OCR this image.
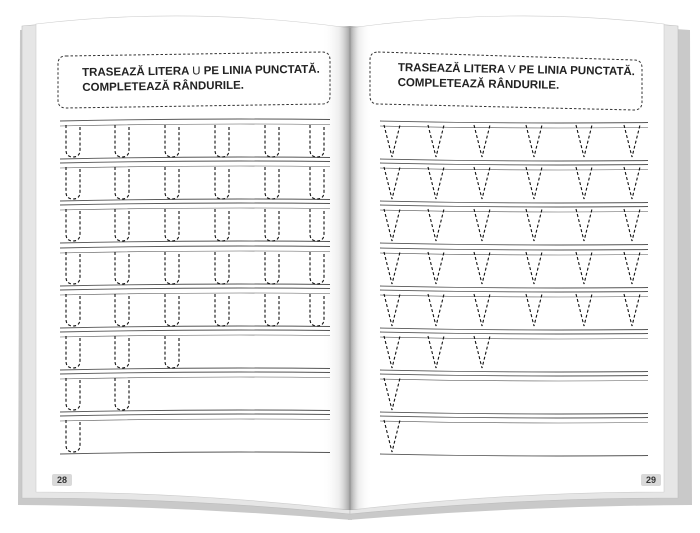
TRASEAZĂ LITERA U PE LINIA PUNCTATĂ.
COMPLETEAZĂ RÂNDURILE.
TRASEAZĂ LITERA V PE LINIA PUNCTATĂ.
COMPLETEAZĂ RÂNDURILE.
28	29
